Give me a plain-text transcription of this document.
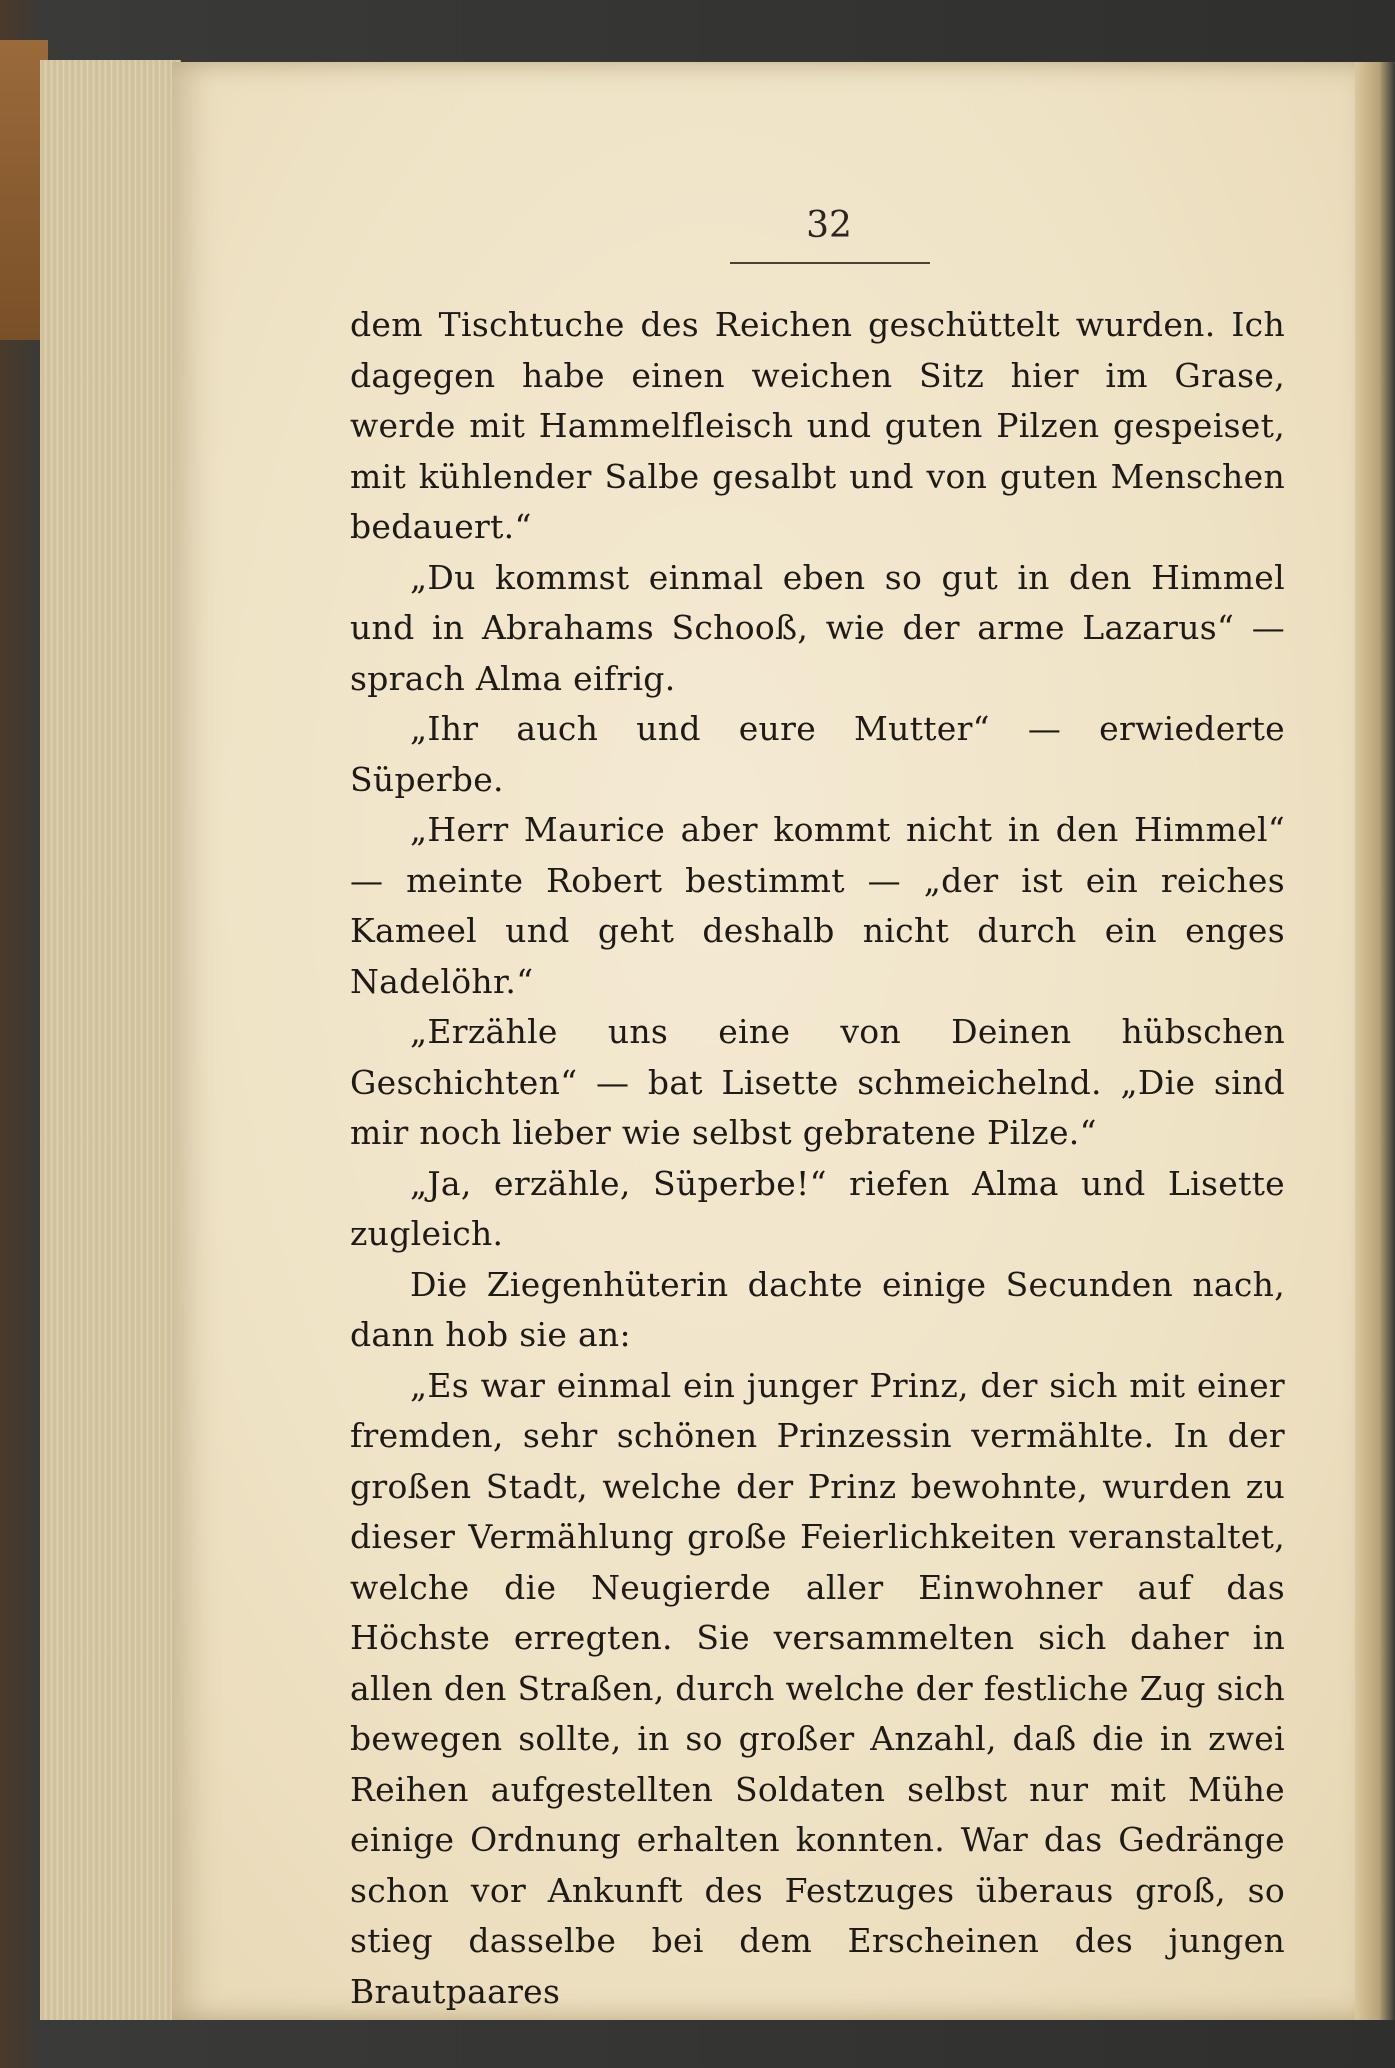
32

dem Tischtuche des Reichen geschüttelt wurden. Ich dagegen habe einen weichen Sitz hier im Grase, werde mit Hammelfleisch und guten Pilzen gespeiset, mit kühlender Salbe gesalbt und von guten Menschen bedauert.“

„Du kommst einmal eben so gut in den Himmel und in Abrahams Schooß, wie der arme Lazarus“ — sprach Alma eifrig.

„Ihr auch und eure Mutter“ — erwiederte Süperbe.

„Herr Maurice aber kommt nicht in den Himmel“ — meinte Robert bestimmt — „der ist ein reiches Kameel und geht deshalb nicht durch ein enges Nadelöhr.“

„Erzähle uns eine von Deinen hübschen Geschichten“ — bat Lisette schmeichelnd. „Die sind mir noch lieber wie selbst gebratene Pilze.“

„Ja, erzähle, Süperbe!“ riefen Alma und Lisette zugleich.

Die Ziegenhüterin dachte einige Secunden nach, dann hob sie an:

„Es war einmal ein junger Prinz, der sich mit einer fremden, sehr schönen Prinzessin vermählte. In der großen Stadt, welche der Prinz bewohnte, wurden zu dieser Vermählung große Feierlichkeiten veranstaltet, welche die Neugierde aller Einwohner auf das Höchste erregten. Sie versammelten sich daher in allen den Straßen, durch welche der festliche Zug sich bewegen sollte, in so großer Anzahl, daß die in zwei Reihen aufgestellten Soldaten selbst nur mit Mühe einige Ordnung erhalten konnten. War das Gedränge schon vor Ankunft des Festzuges überaus groß, so stieg dasselbe bei dem Erscheinen des jungen Brautpaares
